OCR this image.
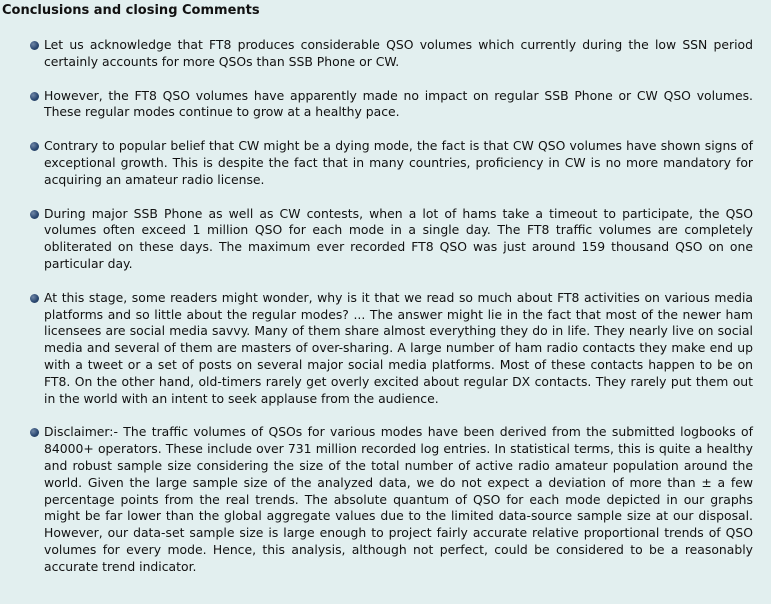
Conclusions and closing Comments
Let us acknowledge that FT8 produces considerable QSO volumes which currently during the low SSN period certainly accounts for more QSOs than SSB Phone or CW.
However, the FT8 QSO volumes have apparently made no impact on regular SSB Phone or CW QSO volumes. These regular modes continue to grow at a healthy pace.
Contrary to popular belief that CW might be a dying mode, the fact is that CW QSO volumes have shown signs of exceptional growth. This is despite the fact that in many countries, proficiency in CW is no more mandatory for acquiring an amateur radio license.
During major SSB Phone as well as CW contests, when a lot of hams take a timeout to participate, the QSO volumes often exceed 1 million QSO for each mode in a single day. The FT8 traffic volumes are completely obliterated on these days. The maximum ever recorded FT8 QSO was just around 159 thousand QSO on one particular day.
At this stage, some readers might wonder, why is it that we read so much about FT8 activities on various media platforms and so little about the regular modes? ... The answer might lie in the fact that most of the newer ham licensees are social media savvy. Many of them share almost everything they do in life. They nearly live on social media and several of them are masters of over-sharing. A large number of ham radio contacts they make end up with a tweet or a set of posts on several major social media platforms. Most of these contacts happen to be on FT8. On the other hand, old-timers rarely get overly excited about regular DX contacts. They rarely put them out in the world with an intent to seek applause from the audience.
Disclaimer:- The traffic volumes of QSOs for various modes have been derived from the submitted logbooks of 84000+ operators. These include over 731 million recorded log entries. In statistical terms, this is quite a healthy and robust sample size considering the size of the total number of active radio amateur population around the world. Given the large sample size of the analyzed data, we do not expect a deviation of more than ± a few percentage points from the real trends. The absolute quantum of QSO for each mode depicted in our graphs might be far lower than the global aggregate values due to the limited data-source sample size at our disposal. However, our data-set sample size is large enough to project fairly accurate relative proportional trends of QSO volumes for every mode. Hence, this analysis, although not perfect, could be considered to be a reasonably accurate trend indicator.
